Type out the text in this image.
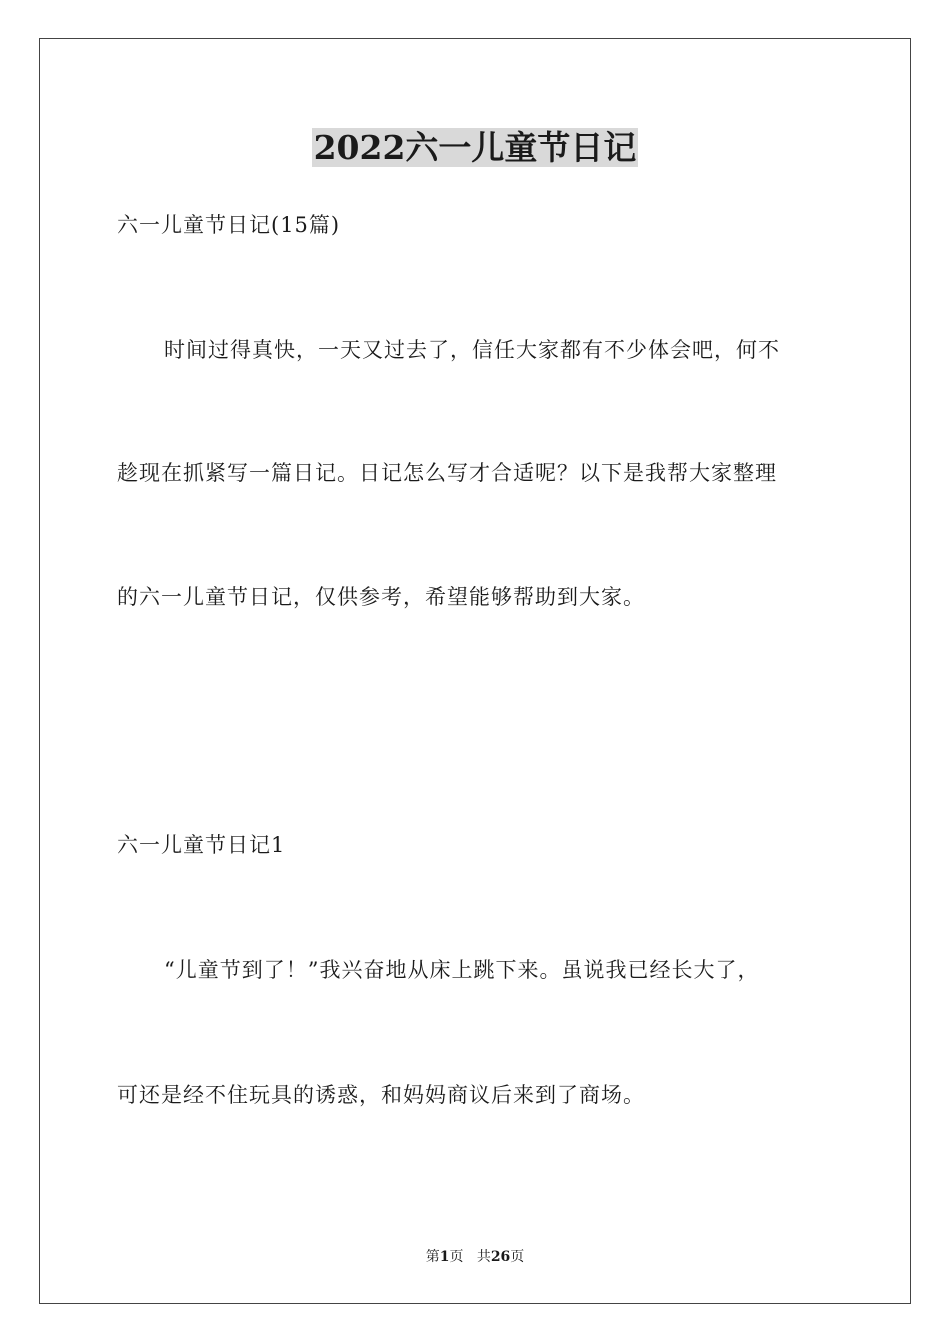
2022六一儿童节日记
六一儿童节日记(15篇)
时间过得真快，一天又过去了，信任大家都有不少体会吧，何不
趁现在抓紧写一篇日记。日记怎么写才合适呢？以下是我帮大家整理
的六一儿童节日记，仅供参考，希望能够帮助到大家。
六一儿童节日记1
“儿童节到了！”我兴奋地从床上跳下来。虽说我已经长大了，
可还是经不住玩具的诱惑，和妈妈商议后来到了商场。
第1页 共26页
